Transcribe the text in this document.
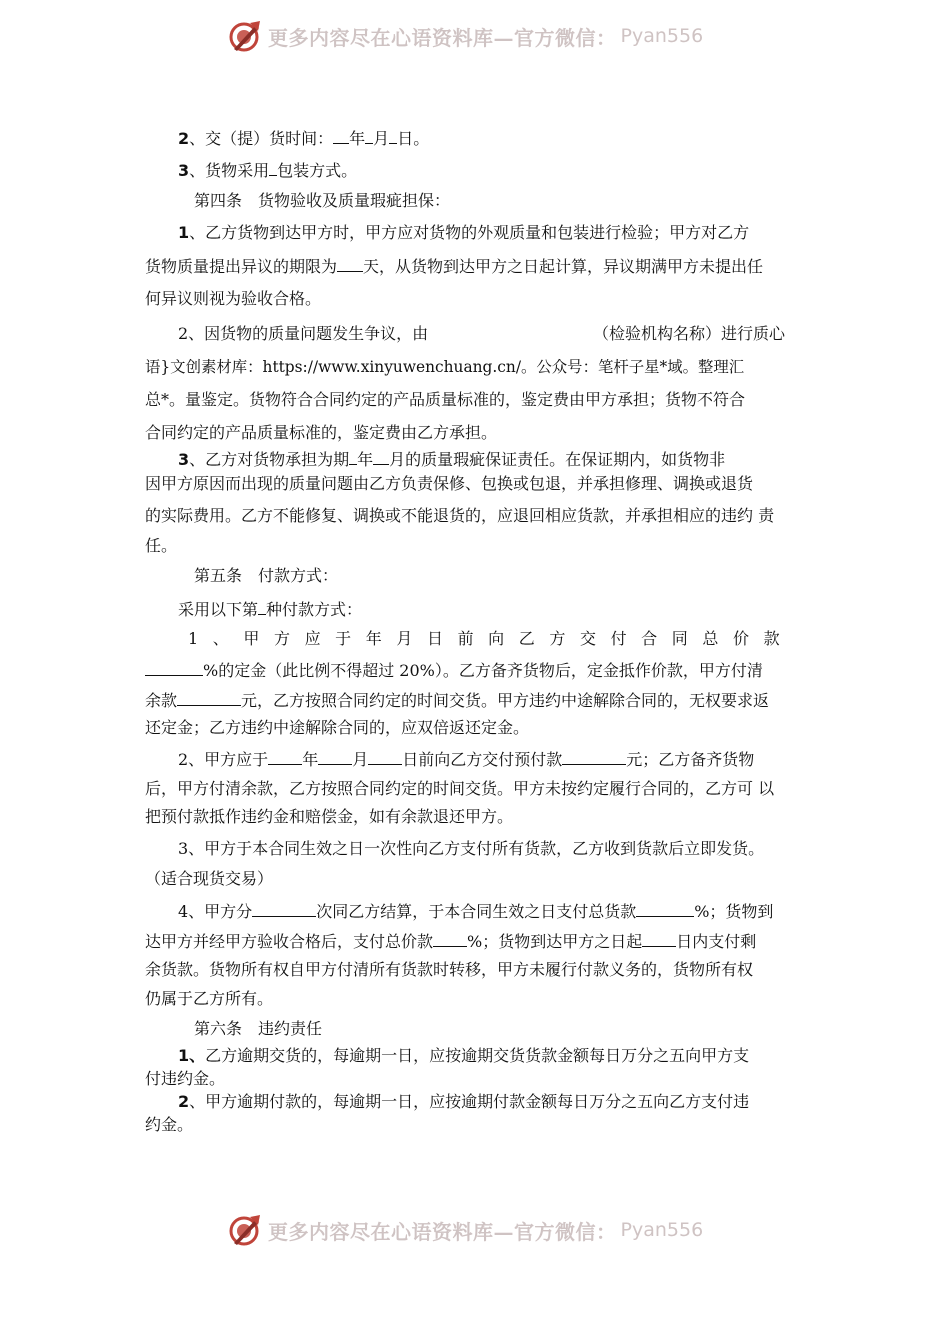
更多内容尽在心语资料库—官方微信： Pyan556
2、交（提）货时间： 年 月 日。
3、货物采用 包装方式。
第四条　货物验收及质量瑕疵担保：
1、乙方货物到达甲方时，甲方应对货物的外观质量和包装进行检验；甲方对乙方
货物质量提出异议的期限为 天，从货物到达甲方之日起计算，异议期满甲方未提出任
何异议则视为验收合格。
2、因货物的质量问题发生争议，由	（检验机构名称）进行质心
语}文创素材库：https://www.xinyuwenchuang.cn/。公众号：笔杆子星*域。整理汇
总*。量鉴定。货物符合合同约定的产品质量标准的，鉴定费由甲方承担；货物不符合
合同约定的产品质量标准的，鉴定费由乙方承担。
3、乙方对货物承担为期 年 月的质量瑕疵保证责任。在保证期内，如货物非
因甲方原因而出现的质量问题由乙方负责保修、包换或包退，并承担修理、调换或退货
的实际费用。乙方不能修复、调换或不能退货的，应退回相应货款，并承担相应的违约 责
任。
第五条　付款方式：
采用以下第 种付款方式：
1、甲方应于年月日前向乙方交付合同总价款
%的定金（此比例不得超过 20%）。乙方备齐货物后，定金抵作价款，甲方付清
余款	元，乙方按照合同约定的时间交货。甲方违约中途解除合同的，无权要求返
还定金；乙方违约中途解除合同的，应双倍返还定金。
2、甲方应于 年 月 日前向乙方交付预付款	元；乙方备齐货物
后，甲方付清余款，乙方按照合同约定的时间交货。甲方未按约定履行合同的，乙方可 以
把预付款抵作违约金和赔偿金，如有余款退还甲方。
3、甲方于本合同生效之日一次性向乙方支付所有货款，乙方收到货款后立即发货。
（适合现货交易）
4、甲方分	次同乙方结算，于本合同生效之日支付总货款	%；货物到
达甲方并经甲方验收合格后，支付总价款 %；货物到达甲方之日起 日内支付剩
余货款。货物所有权自甲方付清所有货款时转移，甲方未履行付款义务的，货物所有权
仍属于乙方所有。
第六条　违约责任
1、乙方逾期交货的，每逾期一日，应按逾期交货货款金额每日万分之五向甲方支
付违约金。
2、甲方逾期付款的，每逾期一日，应按逾期付款金额每日万分之五向乙方支付违
约金。
更多内容尽在心语资料库—官方微信： Pyan556
